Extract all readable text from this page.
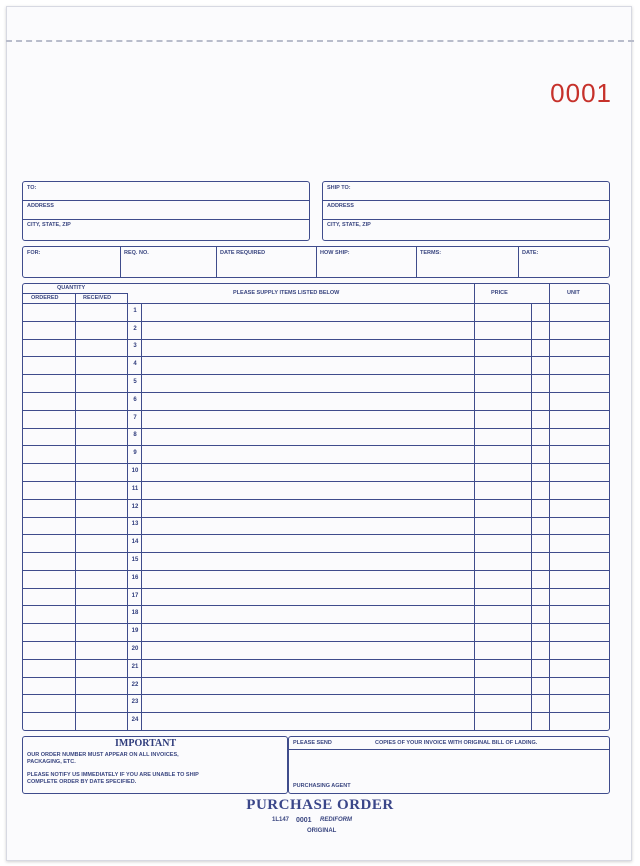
0001
TO:
ADDRESS
CITY, STATE, ZIP
SHIP TO:
ADDRESS
CITY, STATE, ZIP
FOR:	REQ. NO.	DATE REQUIRED	HOW SHIP:	TERMS:	DATE:
QUANTITY
ORDERED	RECEIVED
PLEASE SUPPLY ITEMS LISTED BELOW	PRICE	UNIT
1
2
3
4
5
6
7
8
9
10
11
12
13
14
15
16
17
18
19
20
21
22
23
24
IMPORTANT
OUR ORDER NUMBER MUST APPEAR ON ALL INVOICES,
PACKAGING, ETC.
PLEASE NOTIFY US IMMEDIATELY IF YOU ARE UNABLE TO SHIP
COMPLETE ORDER BY DATE SPECIFIED.
PLEASE SEND	COPIES OF YOUR INVOICE WITH ORIGINAL BILL OF LADING.
PURCHASING AGENT
PURCHASE ORDER
1L147 0001 REDIFORM
ORIGINAL
